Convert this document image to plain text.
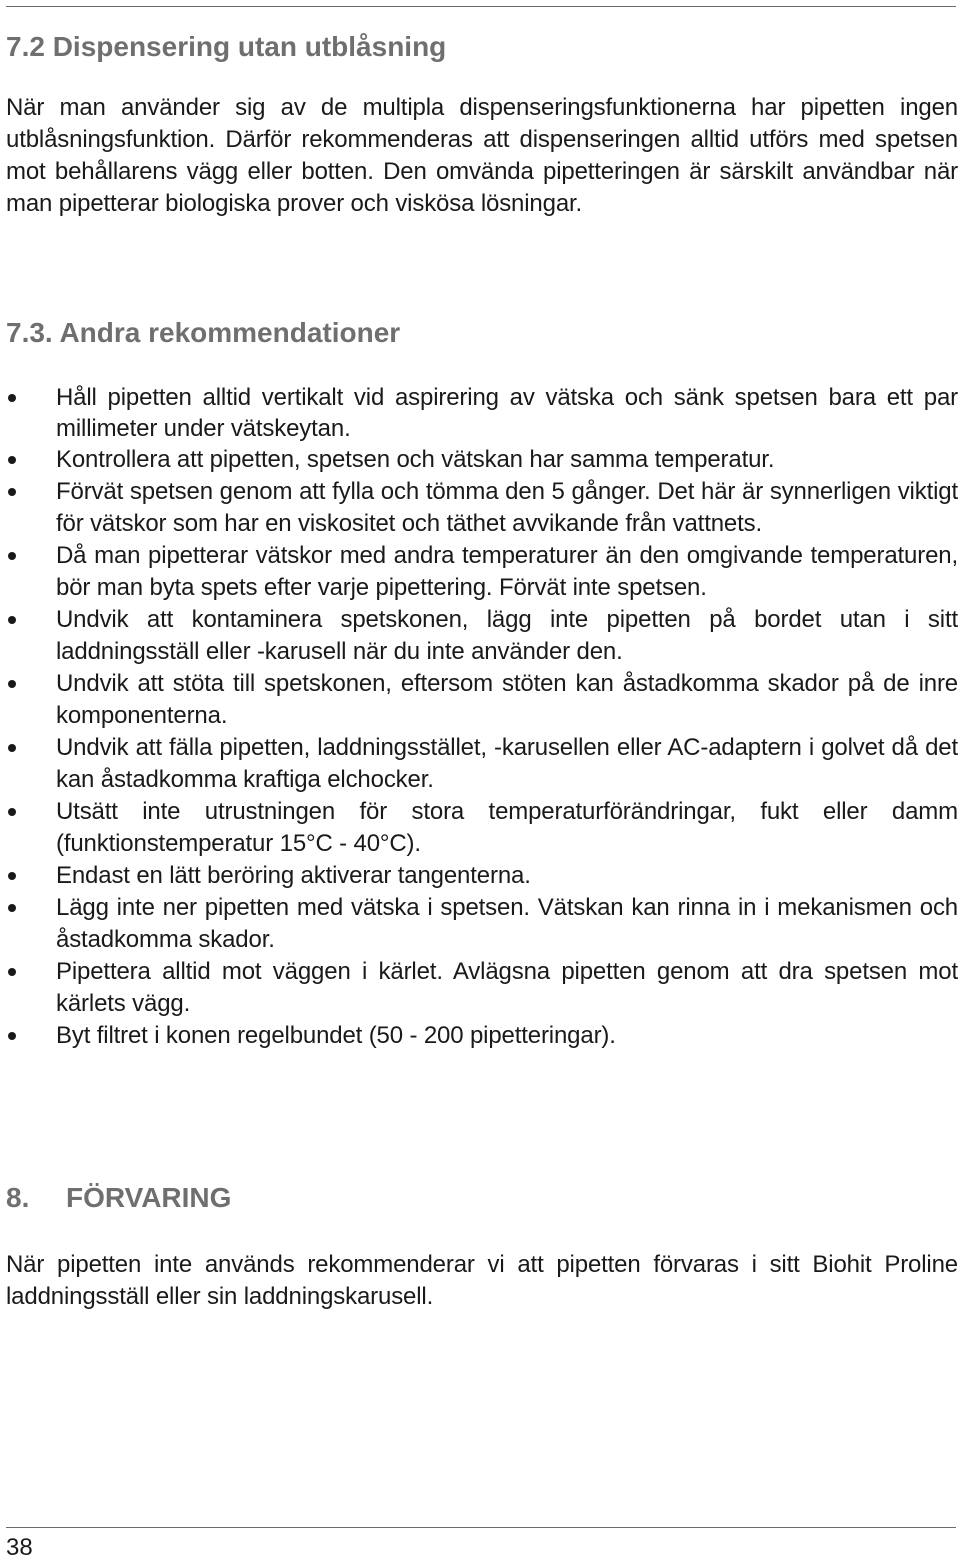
7.2 Dispensering utan utblåsning

När man använder sig av de multipla dispenseringsfunktionerna har pipetten ingen utblåsningsfunktion. Därför rekommenderas att dispenseringen alltid utförs med spetsen mot behållarens vägg eller botten. Den omvända pipetteringen är särskilt användbar när man pipetterar biologiska prover och viskösa lösningar.

7.3. Andra rekommendationer
Håll pipetten alltid vertikalt vid aspirering av vätska och sänk spetsen bara ett par millimeter under vätskeytan.
Kontrollera att pipetten, spetsen och vätskan har samma temperatur.
Förvät spetsen genom att fylla och tömma den 5 gånger. Det här är synnerligen viktigt för vätskor som har en viskositet och täthet avvikande från vattnets.
Då man pipetterar vätskor med andra temperaturer än den omgivande temperaturen, bör man byta spets efter varje pipettering. Förvät inte spetsen.
Undvik att kontaminera spetskonen, lägg inte pipetten på bordet utan i sitt laddningsställ eller -karusell när du inte använder den.
Undvik att stöta till spetskonen, eftersom stöten kan åstadkomma skador på de inre komponenterna.
Undvik att fälla pipetten, laddningsstället, -karusellen eller AC-adaptern i golvet då det kan åstadkomma kraftiga elchocker.
Utsätt inte utrustningen för stora temperaturförändringar, fukt eller damm (funktionstemperatur 15°C - 40°C).
Endast en lätt beröring aktiverar tangenterna.
Lägg inte ner pipetten med vätska i spetsen. Vätskan kan rinna in i mekanismen och åstadkomma skador.
Pipettera alltid mot väggen i kärlet. Avlägsna pipetten genom att dra spetsen mot kärlets vägg.
Byt filtret i konen regelbundet (50 - 200 pipetteringar).
8. FÖRVARING

När pipetten inte används rekommenderar vi att pipetten förvaras i sitt Biohit Proline laddningsställ eller sin laddningskarusell.

38
